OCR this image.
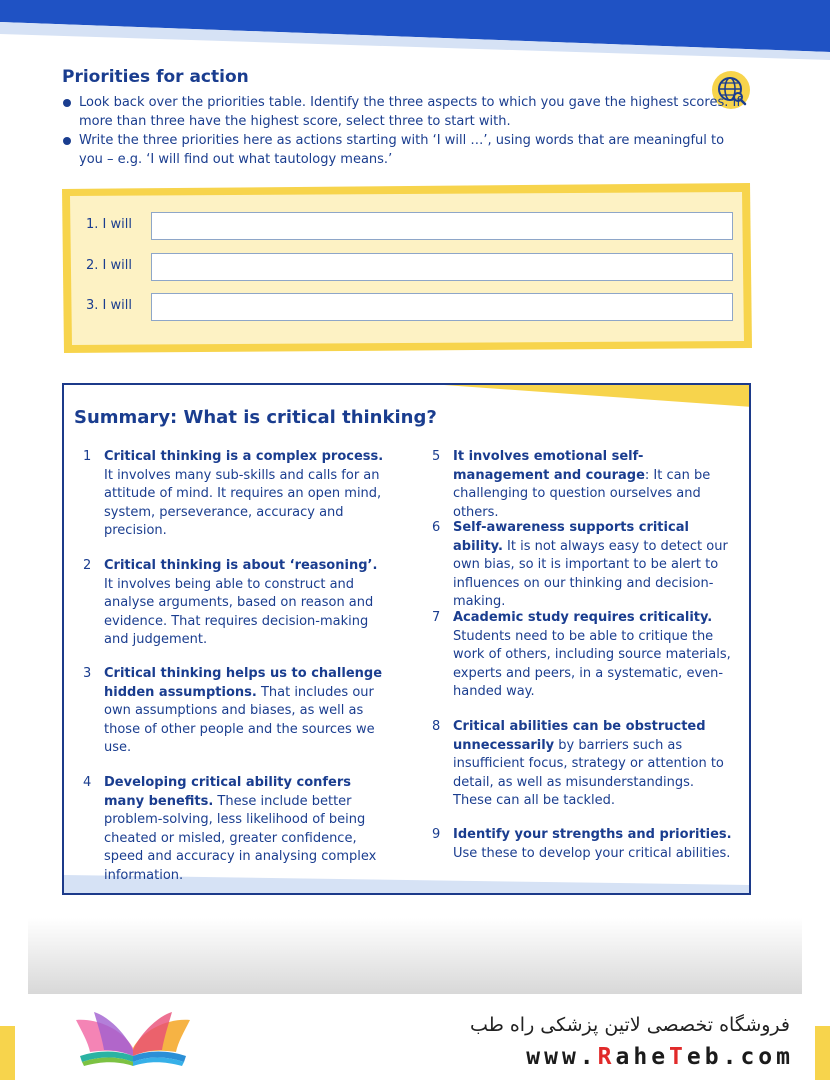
Priorities for action
Look back over the priorities table. Identify the three aspects to which you gave the highest scores. If more than three have the highest score, select three to start with.
Write the three priorities here as actions starting with ‘I will …’, using words that are meaningful to you – e.g. ‘I will find out what tautology means.’
1. I will
2. I will
3. I will
Summary: What is critical thinking?
1 Critical thinking is a complex process. It involves many sub-skills and calls for an attitude of mind. It requires an open mind, system, perseverance, accuracy and precision.
2 Critical thinking is about ‘reasoning’. It involves being able to construct and analyse arguments, based on reason and evidence. That requires decision-making and judgement.
3 Critical thinking helps us to challenge hidden assumptions. That includes our own assumptions and biases, as well as those of other people and the sources we use.
4 Developing critical ability confers many benefits. These include better problem-solving, less likelihood of being cheated or misled, greater confidence, speed and accuracy in analysing complex information.
5 It involves emotional self-management and courage: It can be challenging to question ourselves and others.
6 Self-awareness supports critical ability. It is not always easy to detect our own bias, so it is important to be alert to influences on our thinking and decision-making.
7 Academic study requires criticality. Students need to be able to critique the work of others, including source materials, experts and peers, in a systematic, even-handed way.
8 Critical abilities can be obstructed unnecessarily by barriers such as insufficient focus, strategy or attention to detail, as well as misunderstandings. These can all be tackled.
9 Identify your strengths and priorities. Use these to develop your critical abilities.
فروشگاه تخصصی لاتین پزشکی راه طب
www.RaheTeb.com
